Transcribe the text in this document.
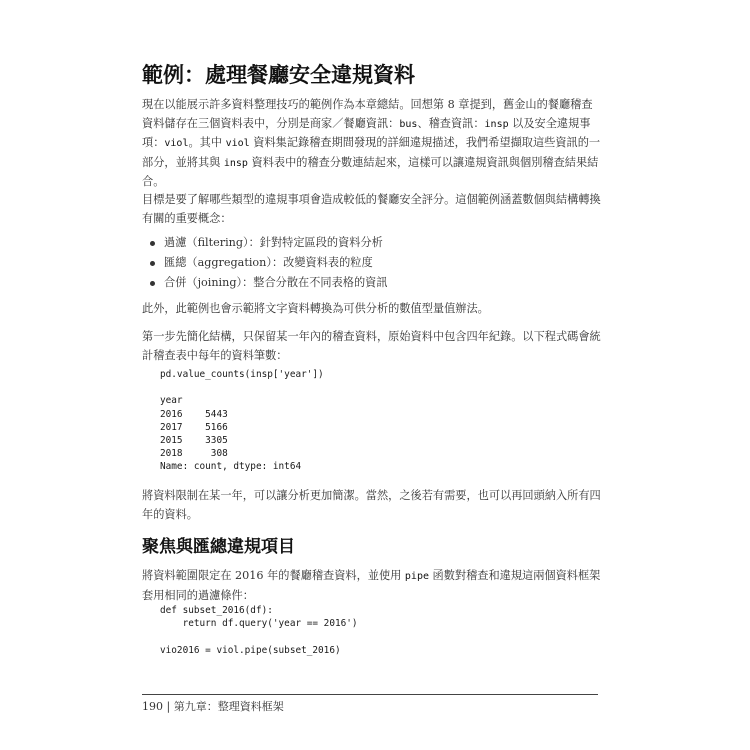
範例：處理餐廳安全違規資料

現在以能展示許多資料整理技巧的範例作為本章總結。回想第 8 章提到，舊金山的餐廳稽查資料儲存在三個資料表中，分別是商家／餐廳資訊：bus、稽查資訊：insp 以及安全違規事項：viol。其中 viol 資料集記錄稽查期間發現的詳細違規描述，我們希望擷取這些資訊的一部分，並將其與 insp 資料表中的稽查分數連結起來，這樣可以讓違規資訊與個別稽查結果結合。

目標是要了解哪些類型的違規事項會造成較低的餐廳安全評分。這個範例涵蓋數個與結構轉換有關的重要概念：

過濾（filtering）：針對特定區段的資料分析
匯總（aggregation）：改變資料表的粒度
合併（joining）：整合分散在不同表格的資訊

此外，此範例也會示範將文字資料轉換為可供分析的數值型量值辦法。

第一步先簡化結構，只保留某一年內的稽查資料，原始資料中包含四年紀錄。以下程式碼會統計稽查表中每年的資料筆數：

pd.value_counts(insp['year'])

year
2016    5443
2017    5166
2015    3305
2018     308
Name: count, dtype: int64

將資料限制在某一年，可以讓分析更加簡潔。當然，之後若有需要，也可以再回頭納入所有四年的資料。

聚焦與匯總違規項目

將資料範圍限定在 2016 年的餐廳稽查資料，並使用 pipe 函數對稽查和違規這兩個資料框架套用相同的過濾條件：

def subset_2016(df):
return df.query('year == 2016')

vio2016 = viol.pipe(subset_2016)
190 | 第九章：整理資料框架
